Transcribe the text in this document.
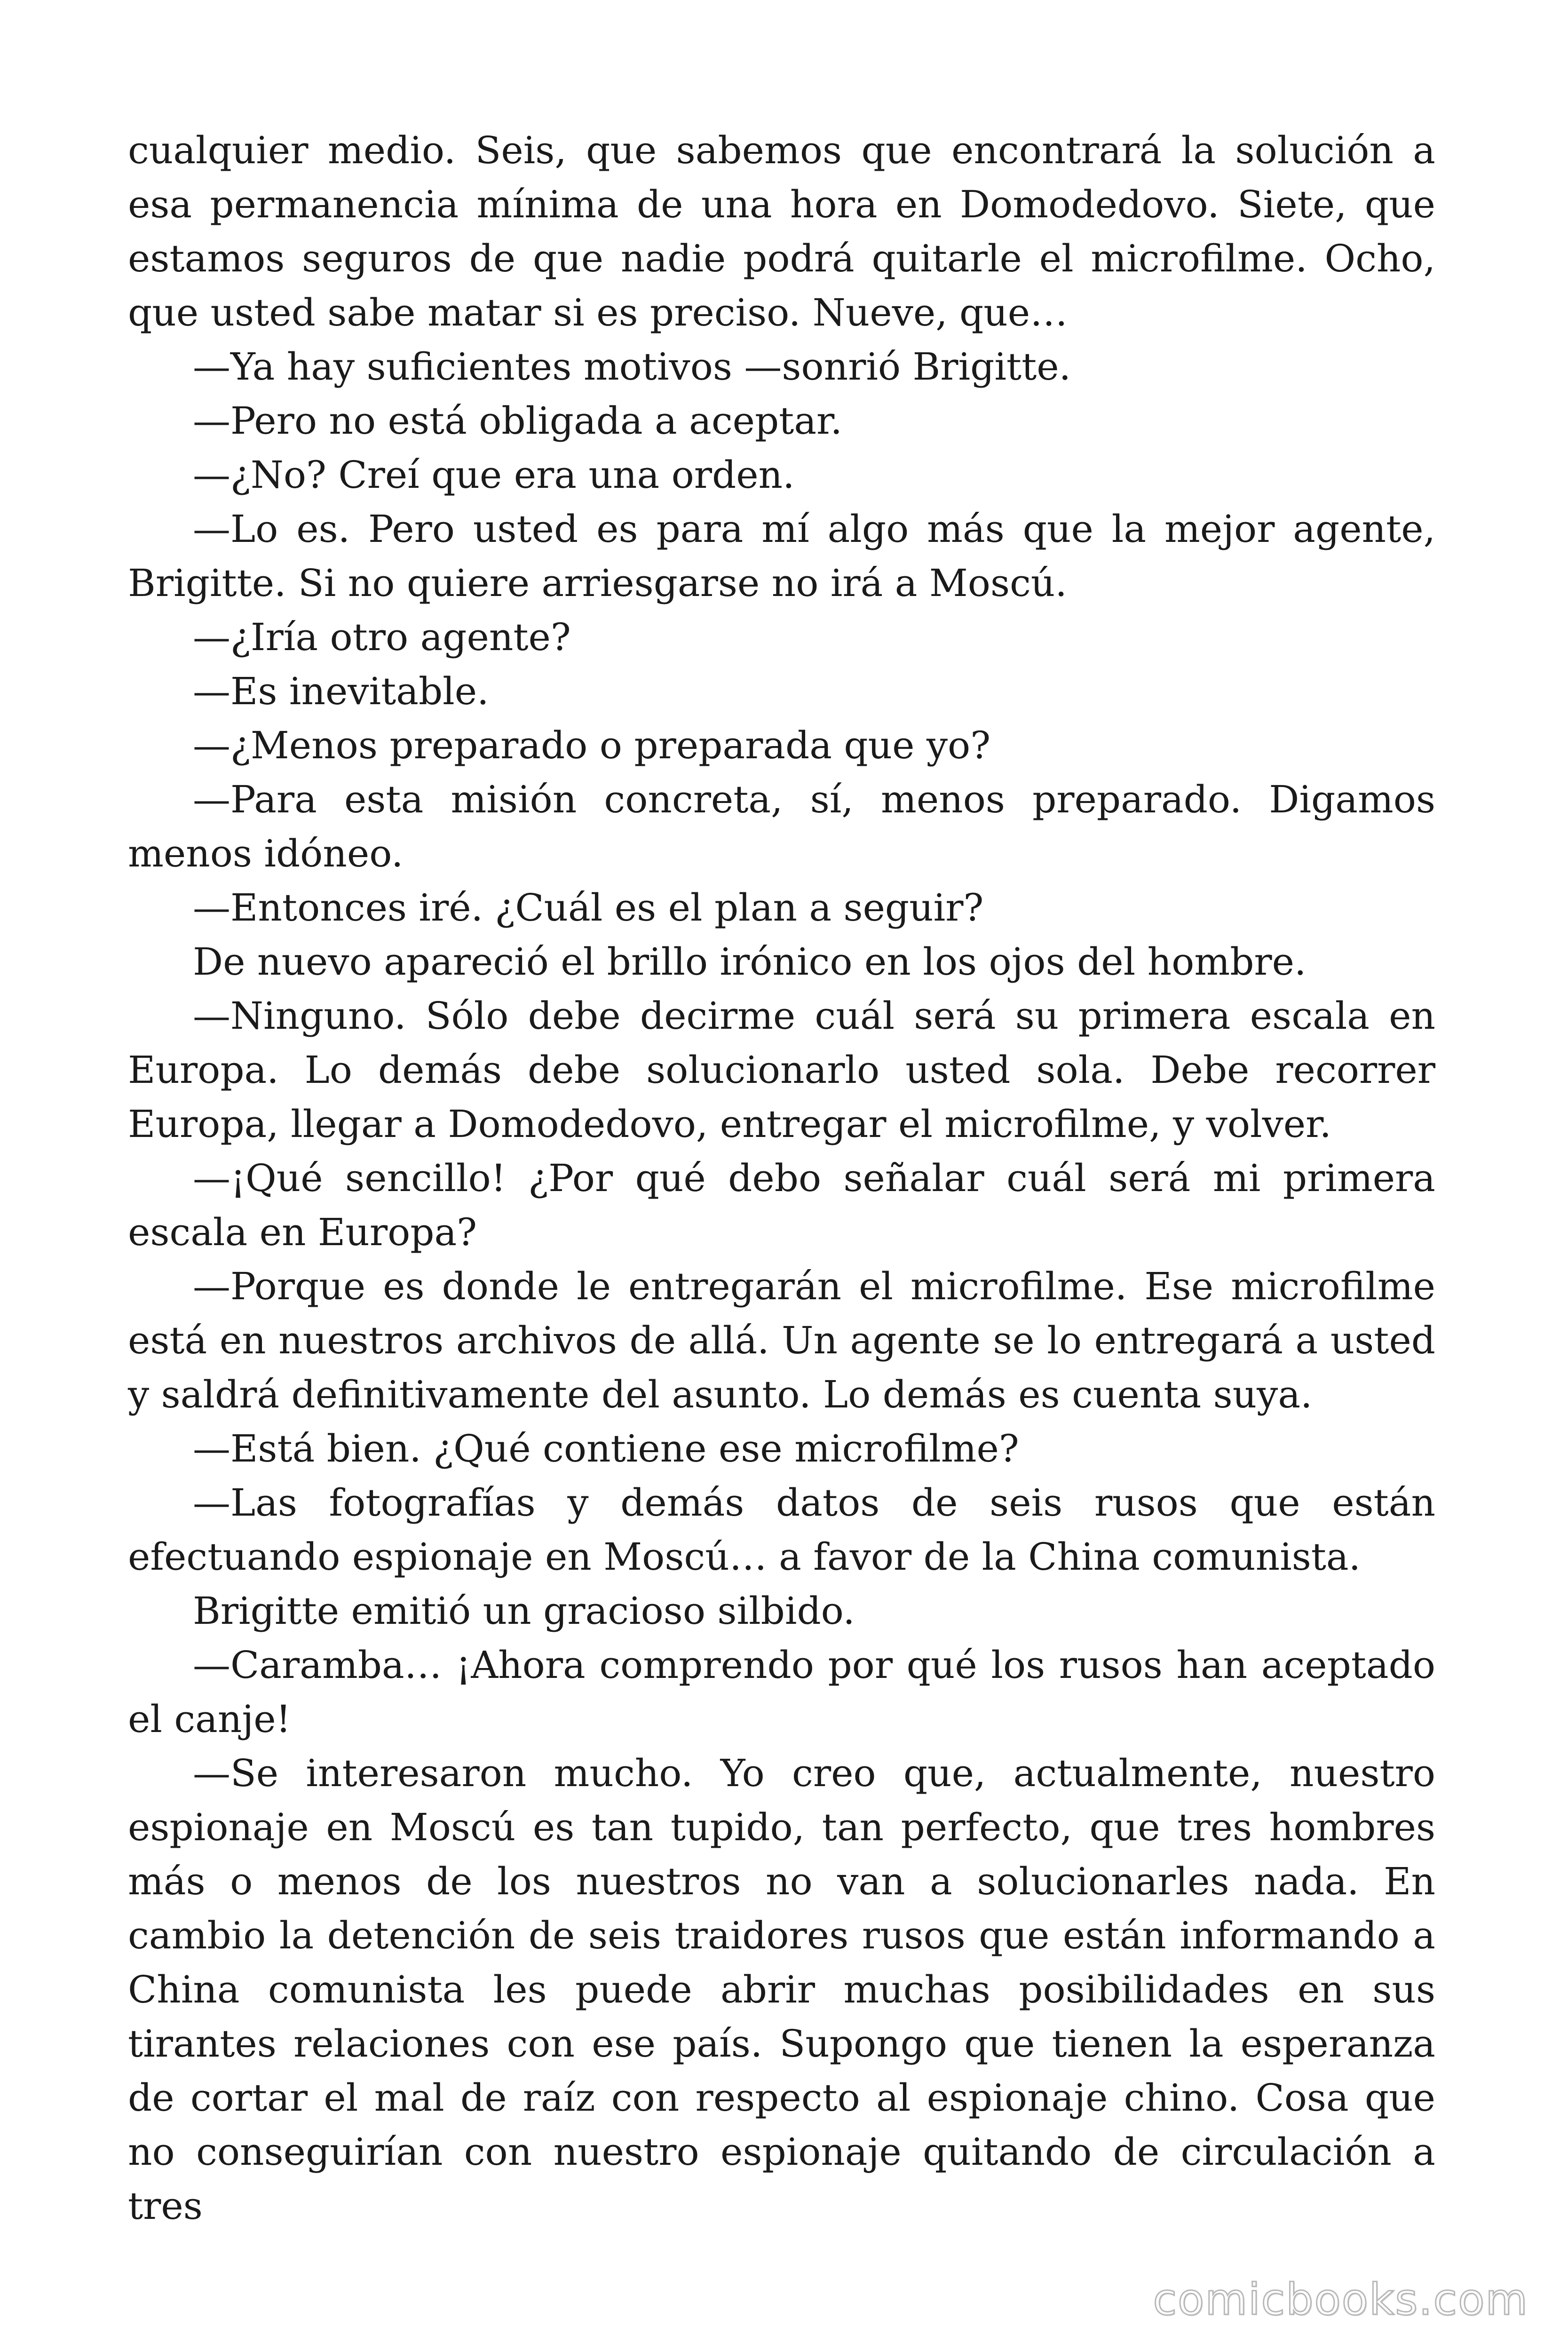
cualquier medio. Seis, que sabemos que encontrará la solución a esa permanencia mínima de una hora en Domodedovo. Siete, que estamos seguros de que nadie podrá quitarle el microfilme. Ocho, que usted sabe matar si es preciso. Nueve, que…

—Ya hay suficientes motivos —sonrió Brigitte.

—Pero no está obligada a aceptar.

—¿No? Creí que era una orden.

—Lo es. Pero usted es para mí algo más que la mejor agente, Brigitte. Si no quiere arriesgarse no irá a Moscú.

—¿Iría otro agente?

—Es inevitable.

—¿Menos preparado o preparada que yo?

—Para esta misión concreta, sí, menos preparado. Digamos menos idóneo.

—Entonces iré. ¿Cuál es el plan a seguir?

De nuevo apareció el brillo irónico en los ojos del hombre.

—Ninguno. Sólo debe decirme cuál será su primera escala en Europa. Lo demás debe solucionarlo usted sola. Debe recorrer Europa, llegar a Domodedovo, entregar el microfilme, y volver.

—¡Qué sencillo! ¿Por qué debo señalar cuál será mi primera escala en Europa?

—Porque es donde le entregarán el microfilme. Ese microfilme está en nuestros archivos de allá. Un agente se lo entregará a usted y saldrá definitivamente del asunto. Lo demás es cuenta suya.

—Está bien. ¿Qué contiene ese microfilme?

—Las fotografías y demás datos de seis rusos que están efectuando espionaje en Moscú… a favor de la China comunista.

Brigitte emitió un gracioso silbido.

—Caramba… ¡Ahora comprendo por qué los rusos han aceptado el canje!

—Se interesaron mucho. Yo creo que, actualmente, nuestro espionaje en Moscú es tan tupido, tan perfecto, que tres hombres más o menos de los nuestros no van a solucionarles nada. En cambio la detención de seis traidores rusos que están informando a China comunista les puede abrir muchas posibilidades en sus tirantes relaciones con ese país. Supongo que tienen la esperanza de cortar el mal de raíz con respecto al espionaje chino. Cosa que no conseguirían con nuestro espionaje quitando de circulación a tres

comicbooks.com
